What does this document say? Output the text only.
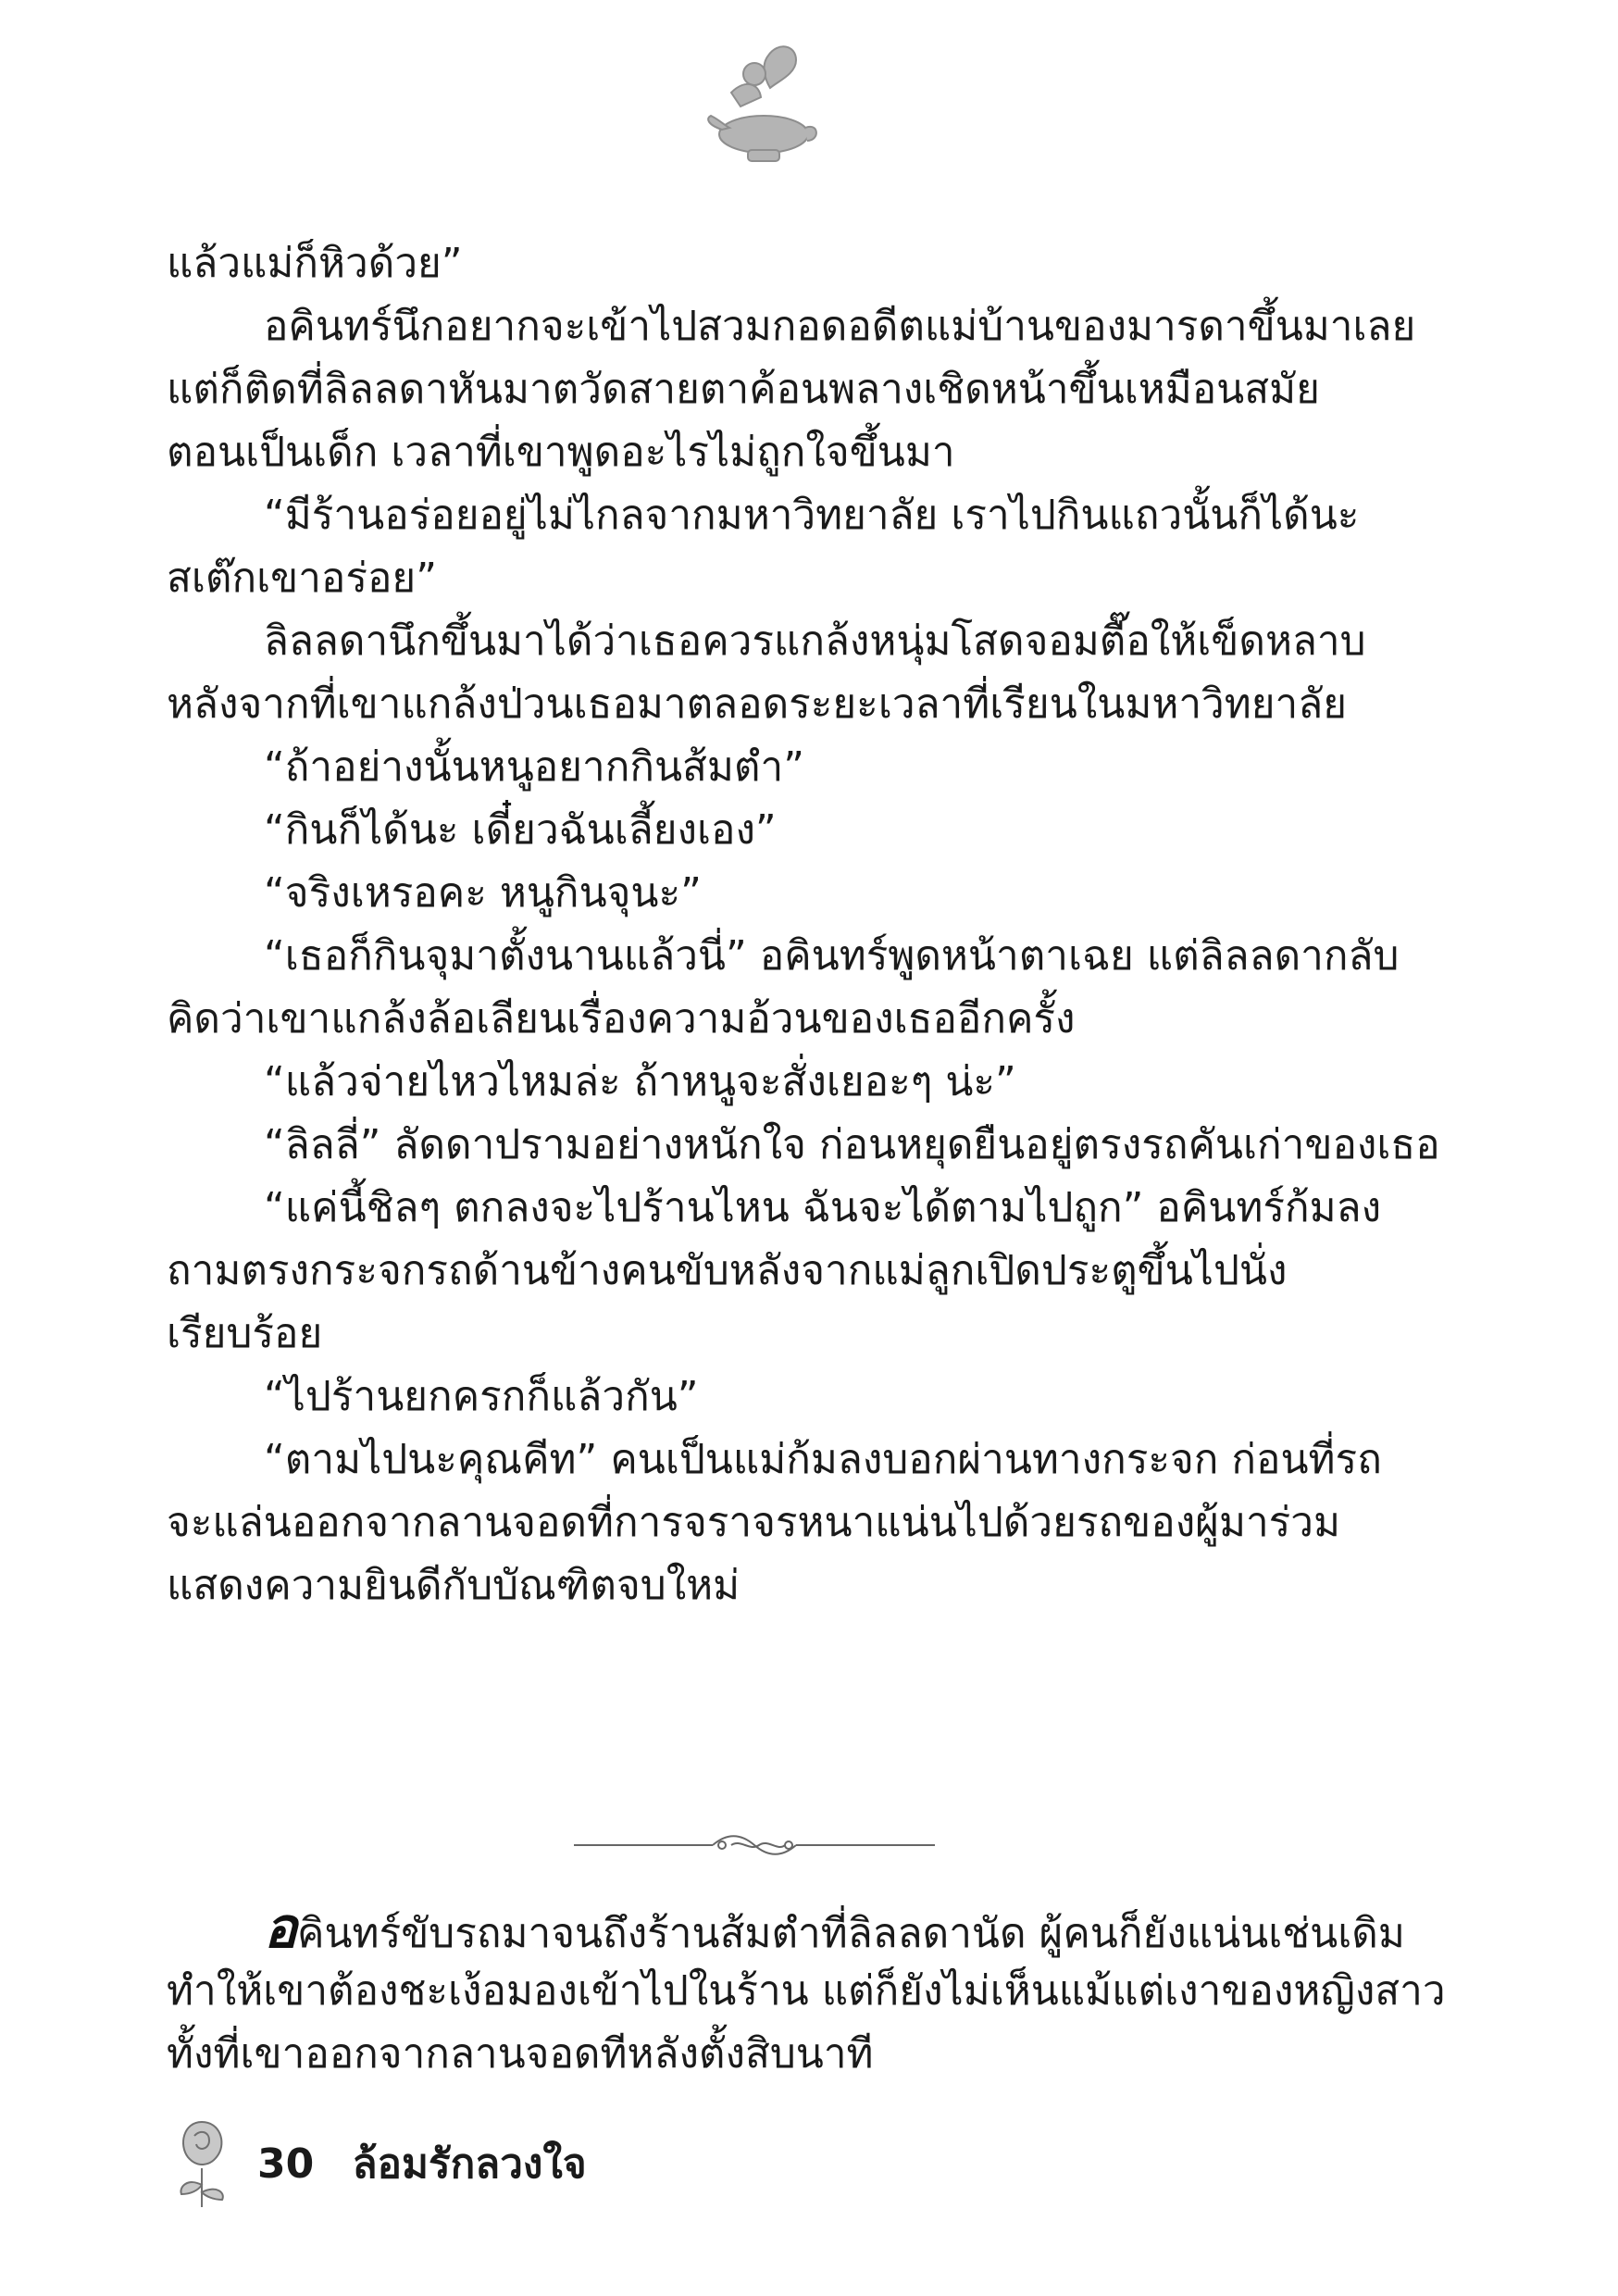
แล้วแม่ก็หิวด้วย”
อคินทร์นึกอยากจะเข้าไปสวมกอดอดีตแม่บ้านของมารดาขึ้นมาเลย
แต่ก็ติดที่ลิลลดาหันมาตวัดสายตาค้อนพลางเชิดหน้าขึ้นเหมือนสมัย
ตอนเป็นเด็ก เวลาที่เขาพูดอะไรไม่ถูกใจขึ้นมา
“มีร้านอร่อยอยู่ไม่ไกลจากมหาวิทยาลัย เราไปกินแถวนั้นก็ได้นะ
สเต๊กเขาอร่อย”
ลิลลดานึกขึ้นมาได้ว่าเธอควรแกล้งหนุ่มโสดจอมตื๊อให้เข็ดหลาบ
หลังจากที่เขาแกล้งป่วนเธอมาตลอดระยะเวลาที่เรียนในมหาวิทยาลัย
“ถ้าอย่างนั้นหนูอยากกินส้มตำ”
“กินก็ได้นะ เดี๋ยวฉันเลี้ยงเอง”
“จริงเหรอคะ หนูกินจุนะ”
“เธอก็กินจุมาตั้งนานแล้วนี่” อคินทร์พูดหน้าตาเฉย แต่ลิลลดากลับ
คิดว่าเขาแกล้งล้อเลียนเรื่องความอ้วนของเธออีกครั้ง
“แล้วจ่ายไหวไหมล่ะ ถ้าหนูจะสั่งเยอะๆ น่ะ”
“ลิลลี่” ลัดดาปรามอย่างหนักใจ ก่อนหยุดยืนอยู่ตรงรถคันเก่าของเธอ
“แค่นี้ชิลๆ ตกลงจะไปร้านไหน ฉันจะได้ตามไปถูก” อคินทร์ก้มลง
ถามตรงกระจกรถด้านข้างคนขับหลังจากแม่ลูกเปิดประตูขึ้นไปนั่ง
เรียบร้อย
“ไปร้านยกครกก็แล้วกัน”
“ตามไปนะคุณคีท” คนเป็นแม่ก้มลงบอกผ่านทางกระจก ก่อนที่รถ
จะแล่นออกจากลานจอดที่การจราจรหนาแน่นไปด้วยรถของผู้มาร่วม
แสดงความยินดีกับบัณฑิตจบใหม่
อคินทร์ขับรถมาจนถึงร้านส้มตำที่ลิลลดานัด ผู้คนก็ยังแน่นเช่นเดิม
ทำให้เขาต้องชะเง้อมองเข้าไปในร้าน แต่ก็ยังไม่เห็นแม้แต่เงาของหญิงสาว
ทั้งที่เขาออกจากลานจอดทีหลังตั้งสิบนาที
30 ล้อมรักลวงใจ
